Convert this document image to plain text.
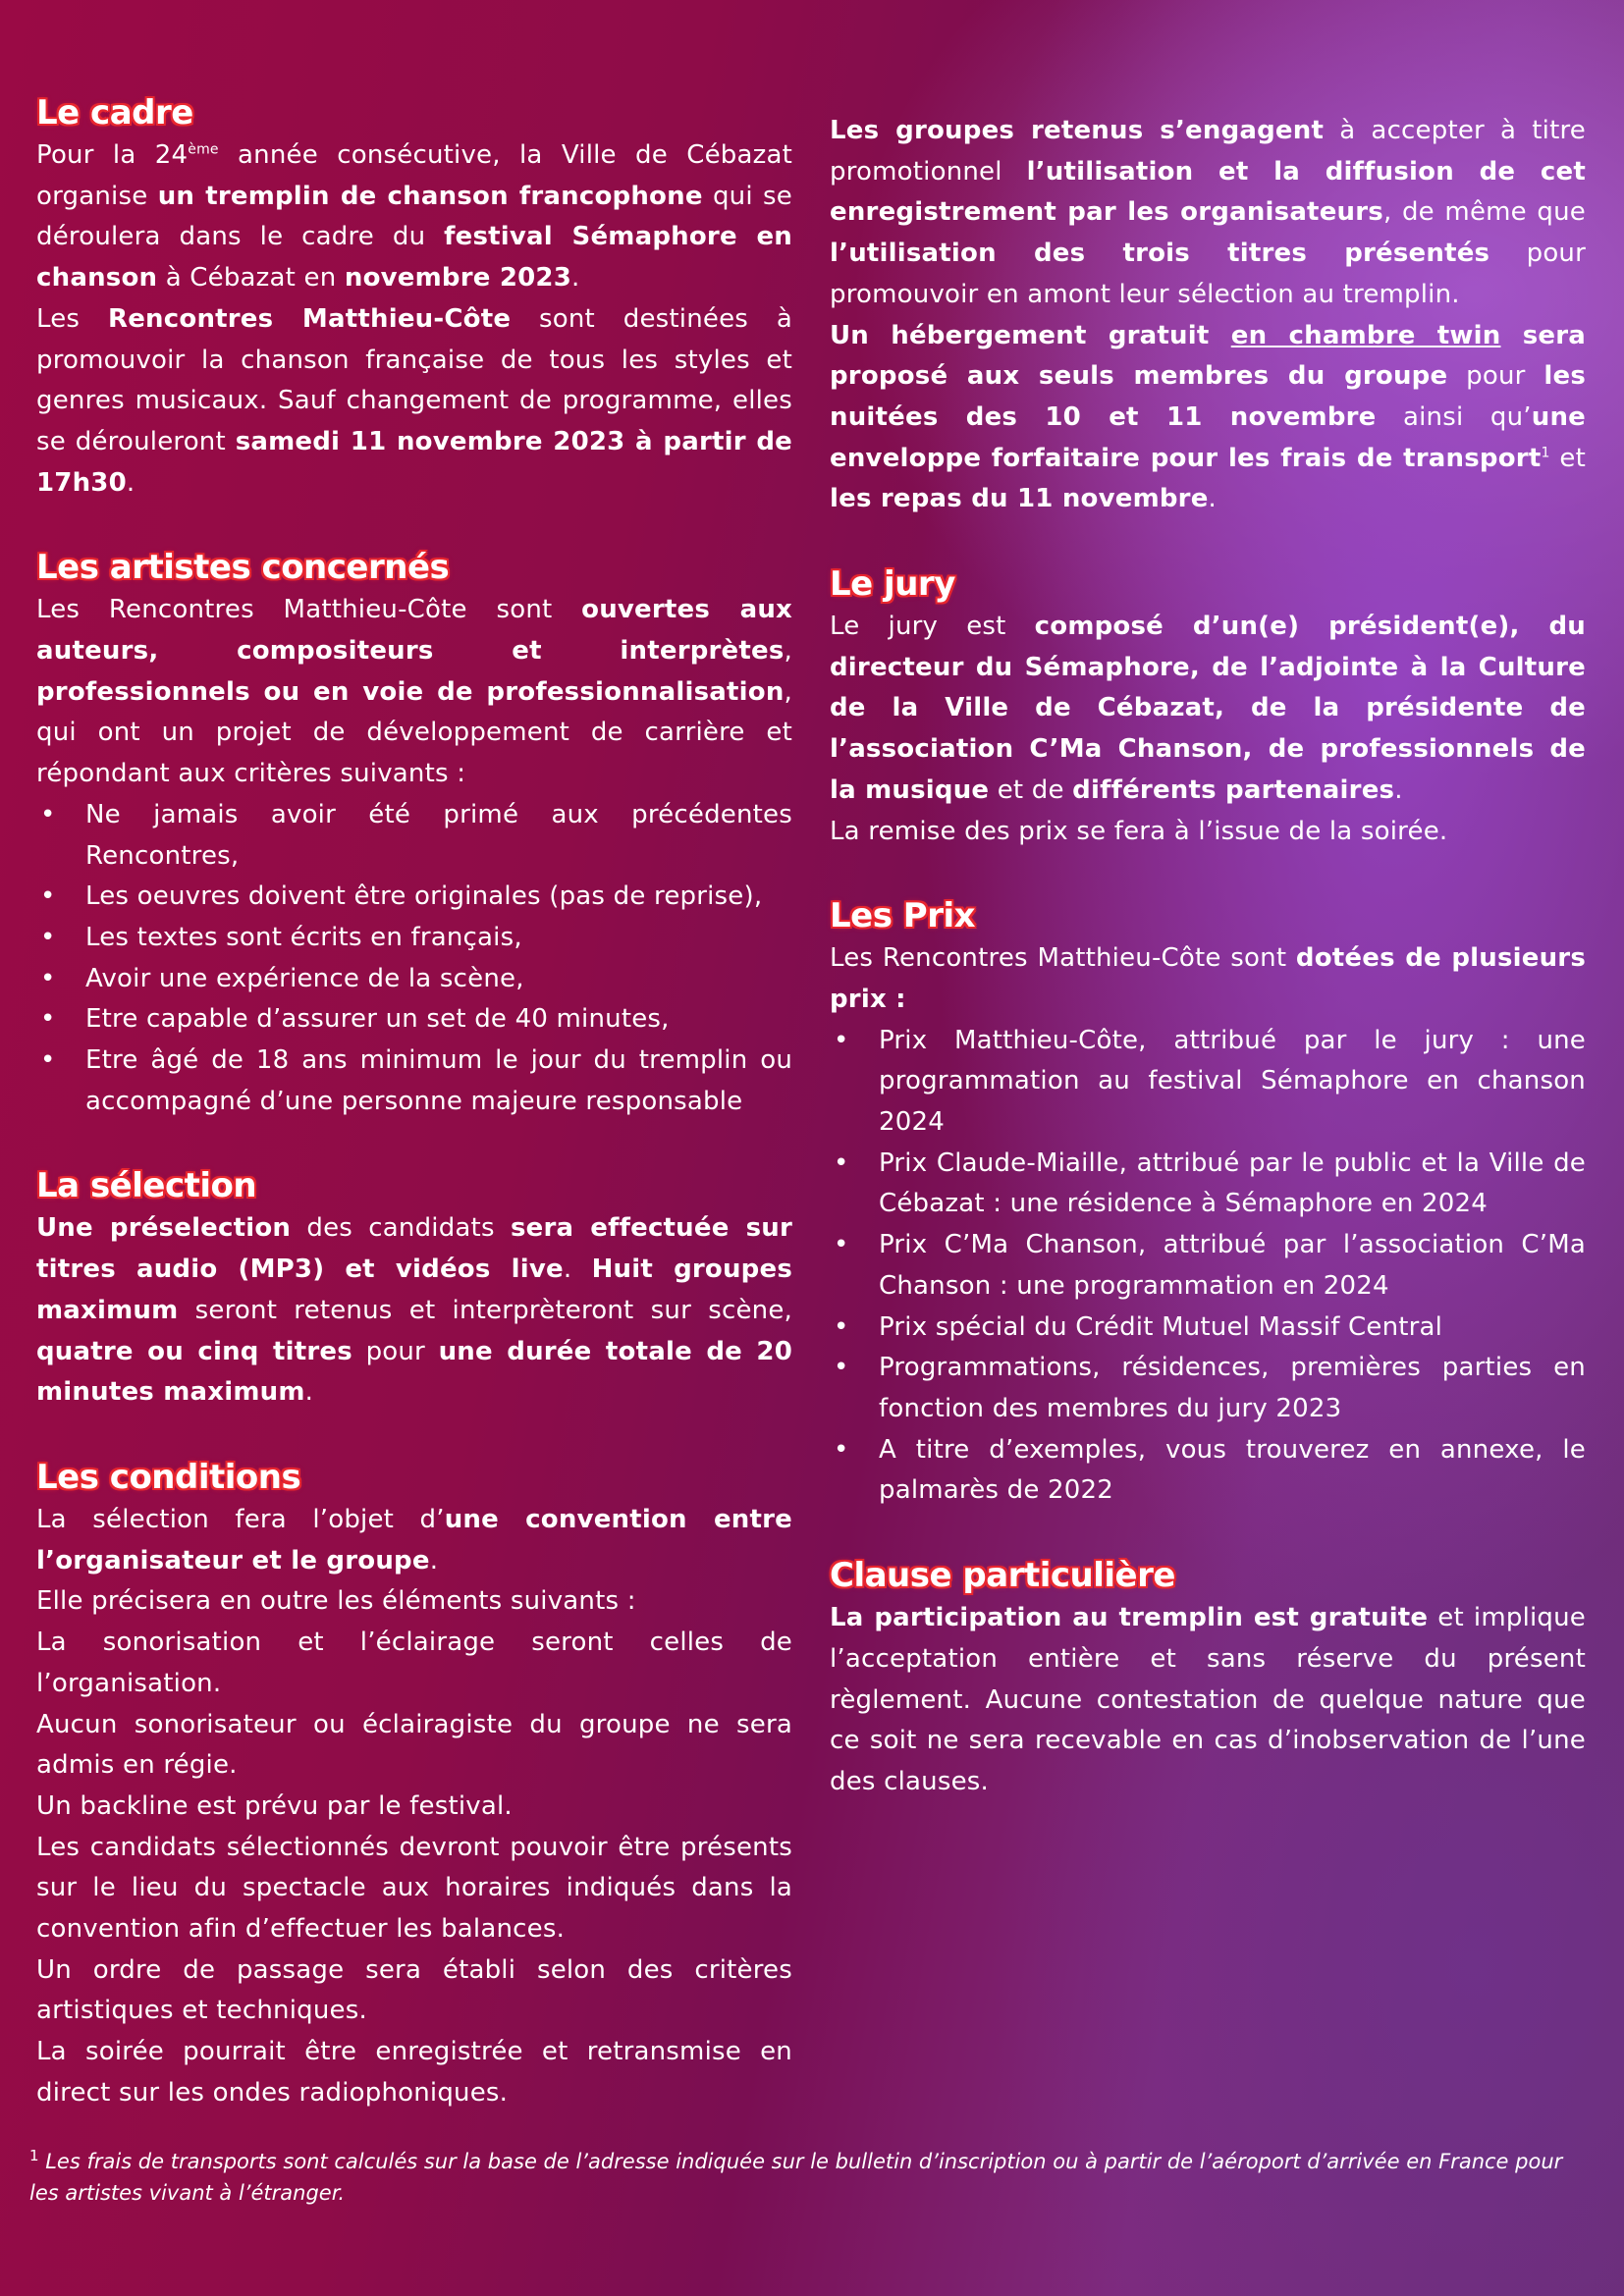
Le cadre

Pour la 24ème année consécutive, la Ville de Cébazat organise un tremplin de chanson francophone qui se déroulera dans le cadre du festival Sémaphore en chanson à Cébazat en novembre 2023.

Les Rencontres Matthieu-Côte sont destinées à promouvoir la chanson française de tous les styles et genres musicaux. Sauf changement de programme, elles se dérouleront samedi 11 novembre 2023 à partir de 17h30.

Les artistes concernés

Les Rencontres Matthieu-Côte sont ouvertes aux auteurs, compositeurs et interprètes, professionnels ou en voie de professionnalisation, qui ont un projet de développement de carrière et répondant aux critères suivants :

• Ne jamais avoir été primé aux précédentes Rencontres,
• Les oeuvres doivent être originales (pas de reprise),
• Les textes sont écrits en français,
• Avoir une expérience de la scène,
• Etre capable d’assurer un set de 40 minutes,
• Etre âgé de 18 ans minimum le jour du tremplin ou accompagné d’une personne majeure responsable
La sélection

Une préselection des candidats sera effectuée sur titres audio (MP3) et vidéos live. Huit groupes maximum seront retenus et interprèteront sur scène, quatre ou cinq titres pour une durée totale de 20 minutes maximum.

Les conditions

La sélection fera l’objet d’une convention entre l’organisateur et le groupe.

Elle précisera en outre les éléments suivants :

La sonorisation et l’éclairage seront celles de l’organisation.

Aucun sonorisateur ou éclairagiste du groupe ne sera admis en régie.

Un backline est prévu par le festival.

Les candidats sélectionnés devront pouvoir être présents sur le lieu du spectacle aux horaires indiqués dans la convention afin d’effectuer les balances.

Un ordre de passage sera établi selon des critères artistiques et techniques.

La soirée pourrait être enregistrée et retransmise en direct sur les ondes radiophoniques.

Les groupes retenus s’engagent à accepter à titre promotionnel l’utilisation et la diffusion de cet enregistrement par les organisateurs, de même que l’utilisation des trois titres présentés pour promouvoir en amont leur sélection au tremplin.

Un hébergement gratuit en chambre twin sera proposé aux seuls membres du groupe pour les nuitées des 10 et 11 novembre ainsi qu’une enveloppe forfaitaire pour les frais de transport$^1$ et les repas du 11 novembre.

Le jury

Le jury est composé d’un(e) président(e), du directeur du Sémaphore, de l’adjointe à la Culture de la Ville de Cébazat, de la présidente de l’association C’Ma Chanson, de professionnels de la musique et de différents partenaires.

La remise des prix se fera à l’issue de la soirée.

Les Prix

Les Rencontres Matthieu-Côte sont dotées de plusieurs prix :

• Prix Matthieu-Côte, attribué par le jury : une programmation au festival Sémaphore en chanson 2024
• Prix Claude-Miaille, attribué par le public et la Ville de Cébazat : une résidence à Sémaphore en 2024
• Prix C’Ma Chanson, attribué par l’association C’Ma Chanson : une programmation en 2024
• Prix spécial du Crédit Mutuel Massif Central
• Programmations, résidences, premières parties en fonction des membres du jury 2023
• A titre d’exemples, vous trouverez en annexe, le palmarès de 2022
Clause particulière

La participation au tremplin est gratuite et implique l’acceptation entière et sans réserve du présent règlement. Aucune contestation de quelque nature que ce soit ne sera recevable en cas d’inobservation de l’une des clauses.

$^1$ Les frais de transports sont calculés sur la base de l’adresse indiquée sur le bulletin d’inscription ou à partir de l’aéroport d’arrivée en France pour les artistes vivant à l’étranger.
